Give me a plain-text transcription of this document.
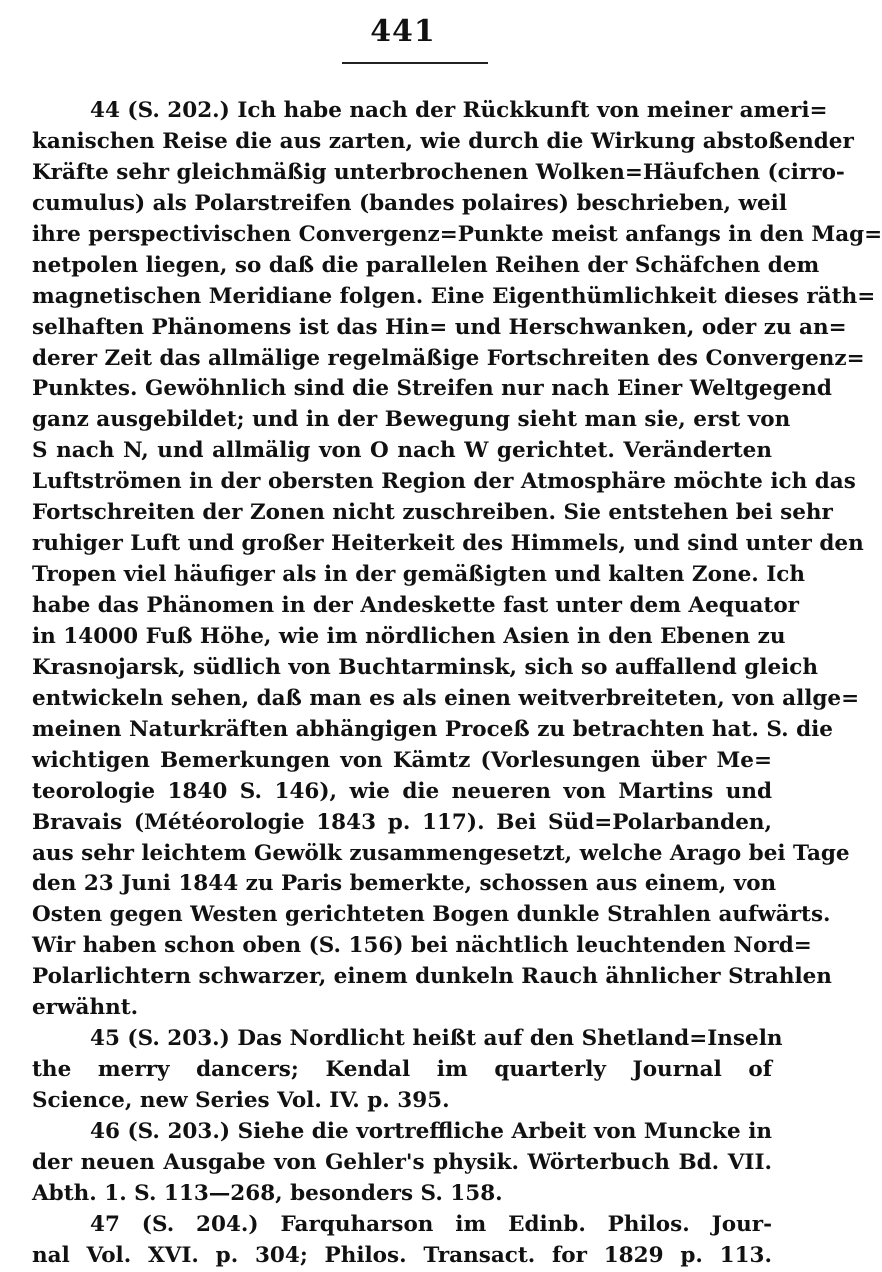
441
44 (S. 202.) Ich habe nach der Rückkunft von meiner ameri=
kanischen Reise die aus zarten, wie durch die Wirkung abstoßender
Kräfte sehr gleichmäßig unterbrochenen Wolken=Häufchen (cirro-
cumulus) als Polarstreifen (bandes polaires) beschrieben, weil
ihre perspectivischen Convergenz=Punkte meist anfangs in den Mag=
netpolen liegen, so daß die parallelen Reihen der Schäfchen dem
magnetischen Meridiane folgen. Eine Eigenthümlichkeit dieses räth=
selhaften Phänomens ist das Hin= und Herschwanken, oder zu an=
derer Zeit das allmälige regelmäßige Fortschreiten des Convergenz=
Punktes. Gewöhnlich sind die Streifen nur nach Einer Weltgegend
ganz ausgebildet; und in der Bewegung sieht man sie, erst von
S nach N, und allmälig von O nach W gerichtet. Veränderten
Luftströmen in der obersten Region der Atmosphäre möchte ich das
Fortschreiten der Zonen nicht zuschreiben. Sie entstehen bei sehr
ruhiger Luft und großer Heiterkeit des Himmels, und sind unter den
Tropen viel häufiger als in der gemäßigten und kalten Zone. Ich
habe das Phänomen in der Andeskette fast unter dem Aequator
in 14000 Fuß Höhe, wie im nördlichen Asien in den Ebenen zu
Krasnojarsk, südlich von Buchtarminsk, sich so auffallend gleich
entwickeln sehen, daß man es als einen weitverbreiteten, von allge=
meinen Naturkräften abhängigen Proceß zu betrachten hat. S. die
wichtigen Bemerkungen von Kämtz (Vorlesungen über Me=
teorologie 1840 S. 146), wie die neueren von Martins und
Bravais (Météorologie 1843 p. 117). Bei Süd=Polarbanden,
aus sehr leichtem Gewölk zusammengesetzt, welche Arago bei Tage
den 23 Juni 1844 zu Paris bemerkte, schossen aus einem, von
Osten gegen Westen gerichteten Bogen dunkle Strahlen aufwärts.
Wir haben schon oben (S. 156) bei nächtlich leuchtenden Nord=
Polarlichtern schwarzer, einem dunkeln Rauch ähnlicher Strahlen
erwähnt.
45 (S. 203.) Das Nordlicht heißt auf den Shetland=Inseln
the merry dancers; Kendal im quarterly Journal of
Science, new Series Vol. IV. p. 395.
46 (S. 203.) Siehe die vortreffliche Arbeit von Muncke in
der neuen Ausgabe von Gehler's physik. Wörterbuch Bd. VII.
Abth. 1. S. 113—268, besonders S. 158.
47 (S. 204.) Farquharson im Edinb. Philos. Jour-
nal Vol. XVI. p. 304; Philos. Transact. for 1829 p. 113.
